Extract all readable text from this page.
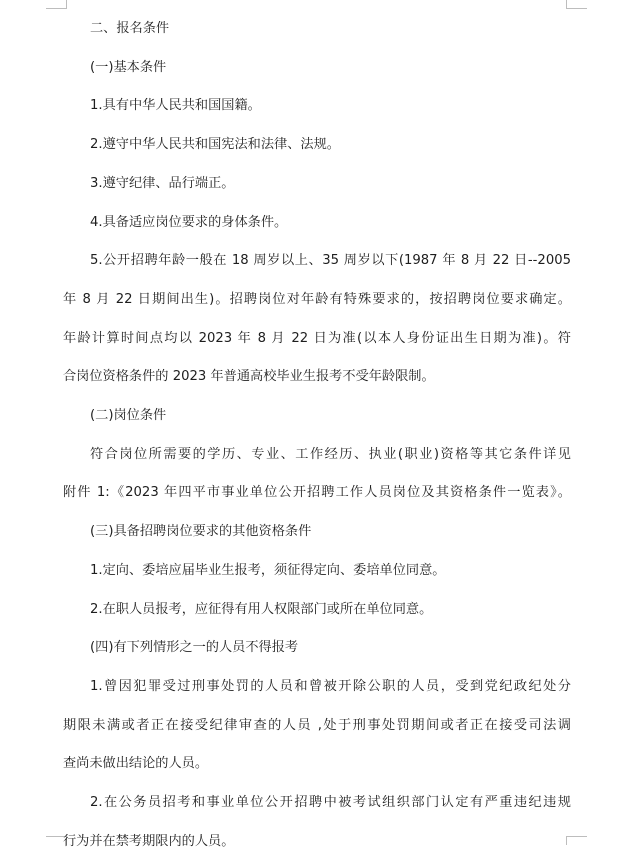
二、报名条件

(一)基本条件

1.具有中华人民共和国国籍。

2.遵守中华人民共和国宪法和法律、法规。

3.遵守纪律、品行端正。

4.具备适应岗位要求的身体条件。

5.公开招聘年龄一般在 18 周岁以上、35 周岁以下(1987 年 8 月 22 日--2005
年 8 月 22 日期间出生)。招聘岗位对年龄有特殊要求的，按招聘岗位要求确定。
年龄计算时间点均以 2023 年 8 月 22 日为准(以本人身份证出生日期为准)。符
合岗位资格条件的 2023 年普通高校毕业生报考不受年龄限制。

(二)岗位条件

符合岗位所需要的学历、专业、工作经历、执业(职业)资格等其它条件详见
附件 1:《2023 年四平市事业单位公开招聘工作人员岗位及其资格条件一览表》。

(三)具备招聘岗位要求的其他资格条件

1.定向、委培应届毕业生报考，须征得定向、委培单位同意。

2.在职人员报考，应征得有用人权限部门或所在单位同意。

(四)有下列情形之一的人员不得报考

1.曾因犯罪受过刑事处罚的人员和曾被开除公职的人员，受到党纪政纪处分
期限未满或者正在接受纪律审查的人员 ,处于刑事处罚期间或者正在接受司法调
查尚未做出结论的人员。
2.在公务员招考和事业单位公开招聘中被考试组织部门认定有严重违纪违规
行为并在禁考期限内的人员。
